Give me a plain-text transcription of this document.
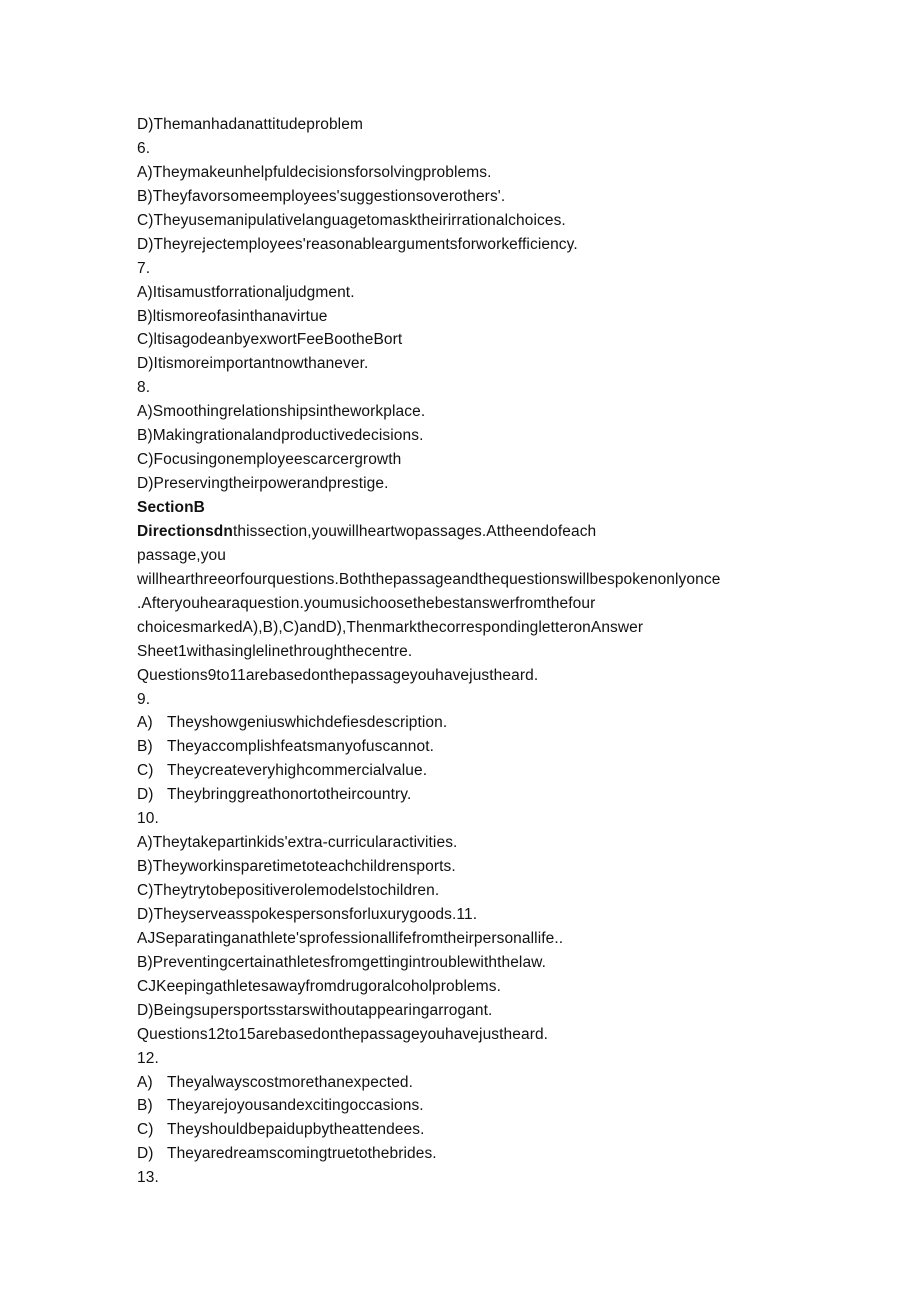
D)Themanhadanattitudeproblem
6.
A)Theymakeunhelpfuldecisionsforsolvingproblems.
B)Theyfavorsomeemployees'suggestionsoverothers'.
C)Theyusemanipulativelanguagetomasktheirirrationalchoices.
D)Theyrejectemployees'reasonableargumentsforworkefficiency.
7.
A)Itisamustforrationaljudgment.
B)ltismoreofasinthanavirtue
C)ltisagodeanbyexwortFeeBootheBort
D)Itismoreimportantnowthanever.
8.
A)Smoothingrelationshipsintheworkplace.
B)Makingrationalandproductivedecisions.
C)Focusingonemployeescarcergrowth
D)Preservingtheirpowerandprestige.
SectionB
Directionsdnthissection,youwillheartwopassages.Attheendofeach
passage,you
willhearthreeorfourquestions.Boththepassageandthequestionswillbespokenonlyonce
.Afteryouhearaquestion.youmusichoosethebestanswerfromthefour
choicesmarkedA),B),C)andD),ThenmarkthecorrespondingletteronAnswer
Sheet1withasinglelinethroughthecentre.
Questions9to11arebasedonthepassageyouhavejustheard.
9.
A) Theyshowgeniuswhichdefiesdescription.
B) Theyaccomplishfeatsmanyofuscannot.
C) Theycreateveryhighcommercialvalue.
D) Theybringgreathonortotheircountry.
10.
A)Theytakepartinkids'extra-curricularactivities.
B)Theyworkinsparetimetoteachchildrensports.
C)Theytrytobepositiverolemodelstochildren.
D)Theyserveasspokespersonsforluxurygoods.11.
AJSeparatinganathlete'sprofessionallifefromtheirpersonallife..
B)Preventingcertainathletesfromgettingintroublewiththelaw.
CJKeepingathletesawayfromdrugoralcoholproblems.
D)Beingsupersportsstarswithoutappearingarrogant.
Questions12to15arebasedonthepassageyouhavejustheard.
12.
A) Theyalwayscostmorethanexpected.
B) Theyarejoyousandexcitingoccasions.
C) Theyshouldbepaidupbytheattendees.
D) Theyaredreamscomingtruetothebrides.
13.
